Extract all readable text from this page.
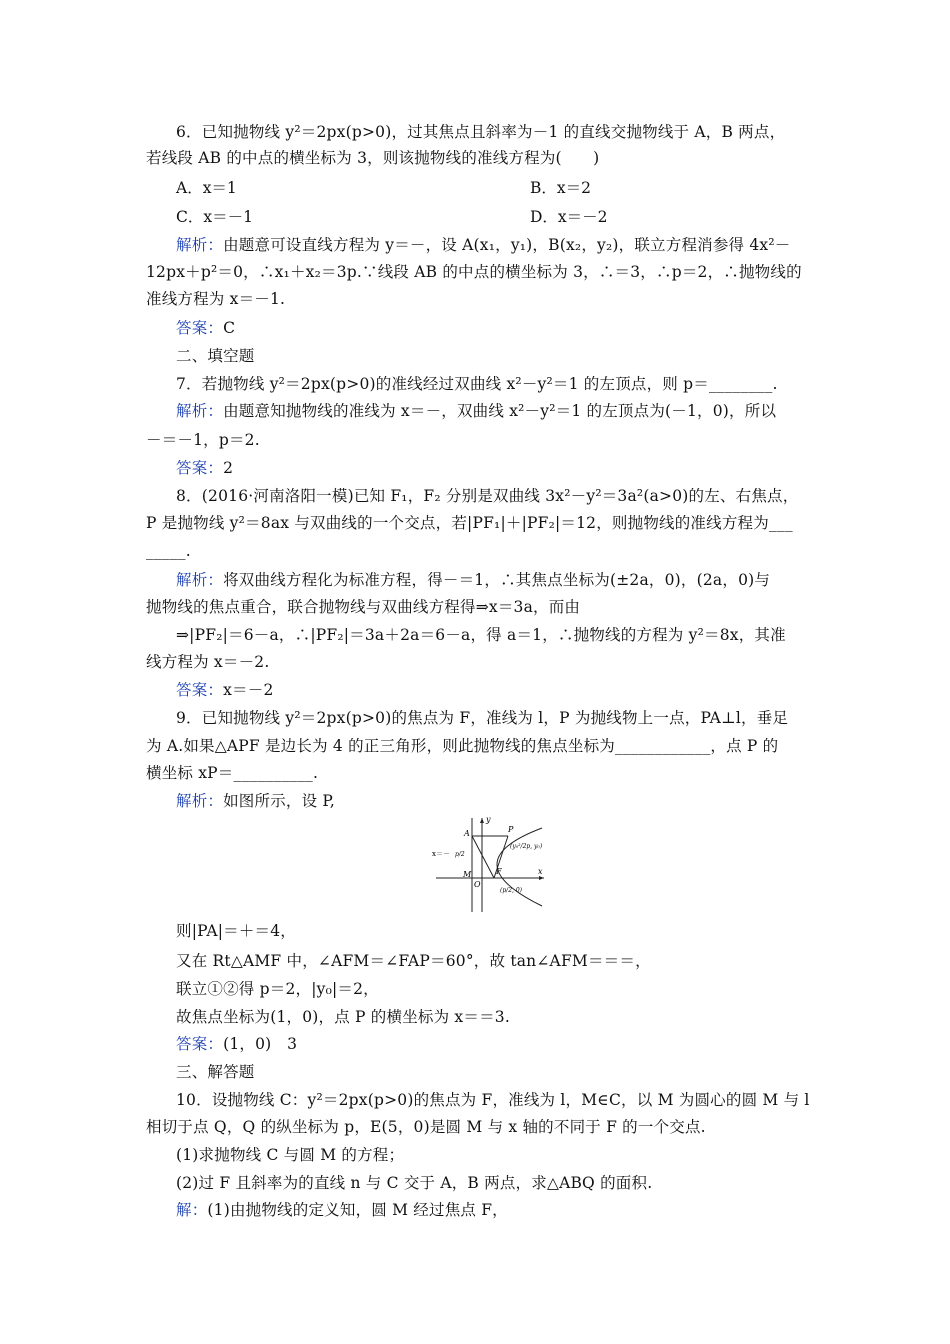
6．已知抛物线 y²＝2px(p>0)，过其焦点且斜率为－1 的直线交抛物线于 A，B 两点，
若线段 AB 的中点的横坐标为 3，则该抛物线的准线方程为(　　)
A．x＝1	B．x＝2
C．x＝－1	D．x＝－2
解析：由题意可设直线方程为 y＝－，设 A(x₁，y₁)，B(x₂，y₂)，联立方程消参得 4x²－
12px＋p²＝0，∴x₁＋x₂＝3p.∵线段 AB 的中点的横坐标为 3，∴＝3，∴p＝2，∴抛物线的
准线方程为 x＝－1.
答案：C
二、填空题
7．若抛物线 y²＝2px(p>0)的准线经过双曲线 x²－y²＝1 的左顶点，则 p＝________.
解析：由题意知抛物线的准线为 x＝－，双曲线 x²－y²＝1 的左顶点为(－1，0)，所以
－＝－1，p＝2.
答案：2
8．(2016·河南洛阳一模)已知 F₁，F₂ 分别是双曲线 3x²－y²＝3a²(a>0)的左、右焦点，
P 是抛物线 y²＝8ax 与双曲线的一个交点，若|PF₁|＋|PF₂|＝12，则抛物线的准线方程为___
_____.
解析：将双曲线方程化为标准方程，得－＝1，∴其焦点坐标为(±2a，0)，(2a，0)与
抛物线的焦点重合，联合抛物线与双曲线方程得⇒x＝3a，而由
⇒|PF₂|＝6－a，∴|PF₂|＝3a＋2a＝6－a，得 a＝1，∴抛物线的方程为 y²＝8x，其准
线方程为 x＝－2.
答案：x＝－2
9．已知抛物线 y²＝2px(p>0)的焦点为 F，准线为 l，P 为抛线物上一点，PA⊥l，垂足
为 A.如果△APF 是边长为 4 的正三角形，则此抛物线的焦点坐标为____________，点 P 的
横坐标 xP＝__________.
解析：如图所示，设 P,
y
x
A	P
M
O
F
x＝－ p/2
(y₀²/2p, y₀)
(p/2, 0)
则|PA|＝＋＝4，
又在 Rt△AMF 中，∠AFM＝∠FAP＝60°，故 tan∠AFM＝＝＝，
联立①②得 p＝2，|y₀|＝2，
故焦点坐标为(1，0)，点 P 的横坐标为 x＝＝3.
答案：(1，0)　3
三、解答题
10．设抛物线 C：y²＝2px(p>0)的焦点为 F，准线为 l，M∈C，以 M 为圆心的圆 M 与 l
相切于点 Q，Q 的纵坐标为 p，E(5，0)是圆 M 与 x 轴的不同于 F 的一个交点.
(1)求抛物线 C 与圆 M 的方程；
(2)过 F 且斜率为的直线 n 与 C 交于 A，B 两点，求△ABQ 的面积.
解：(1)由抛物线的定义知，圆 M 经过焦点 F，
